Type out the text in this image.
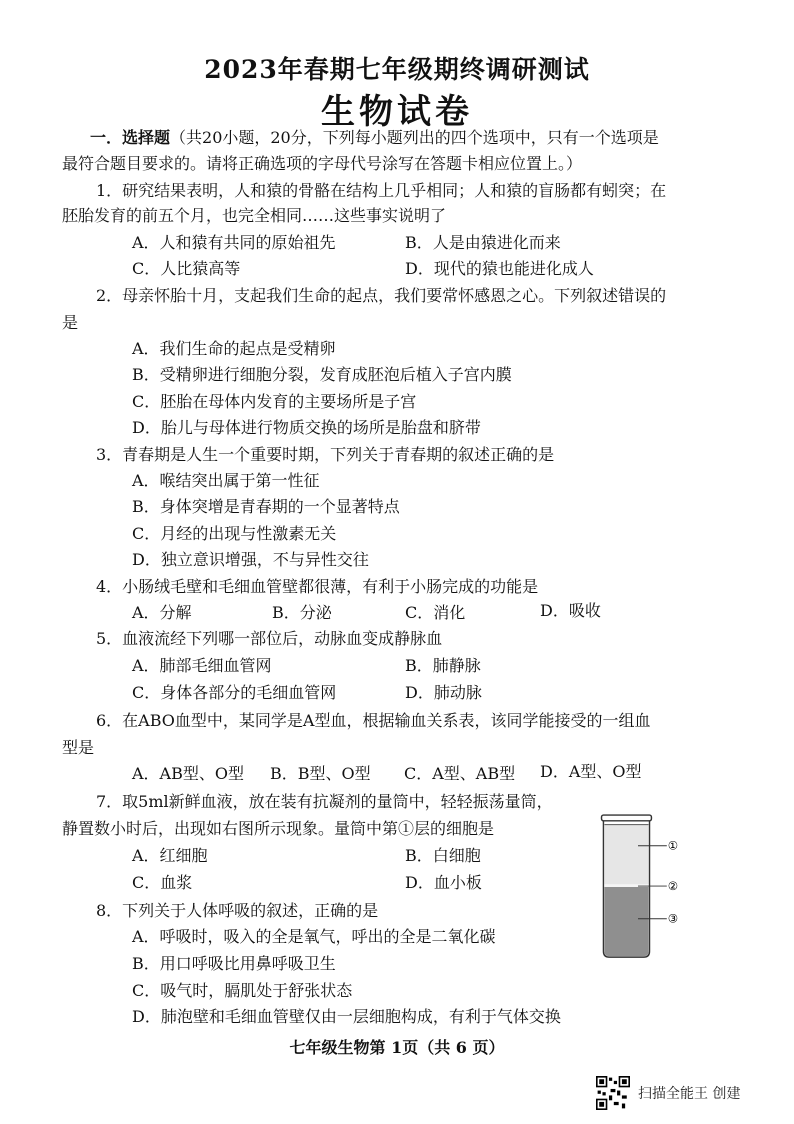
2023年春期七年级期终调研测试
生物试卷
一．选择题（共20小题，20分，下列每小题列出的四个选项中，只有一个选项是
最符合题目要求的。请将正确选项的字母代号涂写在答题卡相应位置上。）
1．研究结果表明，人和猿的骨骼在结构上几乎相同；人和猿的盲肠都有蚓突；在
胚胎发育的前五个月，也完全相同……这些事实说明了
A．人和猿有共同的原始祖先	B．人是由猿进化而来
C．人比猿高等	D．现代的猿也能进化成人
2．母亲怀胎十月，支起我们生命的起点，我们要常怀感恩之心。下列叙述错误的
是
A．我们生命的起点是受精卵
B．受精卵进行细胞分裂，发育成胚泡后植入子宫内膜
C．胚胎在母体内发育的主要场所是子宫
D．胎儿与母体进行物质交换的场所是胎盘和脐带
3．青春期是人生一个重要时期，下列关于青春期的叙述正确的是
A．喉结突出属于第一性征
B．身体突增是青春期的一个显著特点
C．月经的出现与性激素无关
D．独立意识增强，不与异性交往
4．小肠绒毛壁和毛细血管壁都很薄，有利于小肠完成的功能是
A．分解	B．分泌	C．消化	D．吸收
5．血液流经下列哪一部位后，动脉血变成静脉血
A．肺部毛细血管网	B．肺静脉
C．身体各部分的毛细血管网	D．肺动脉
6．在ABO血型中，某同学是A型血，根据输血关系表，该同学能接受的一组血
型是
A．AB型、O型 B．B型、O型 C．A型、AB型 D．A型、O型
7．取5ml新鲜血液，放在装有抗凝剂的量筒中，轻轻振荡量筒，
静置数小时后，出现如右图所示现象。量筒中第①层的细胞是
A．红细胞	B．白细胞
C．血浆	D．血小板
8．下列关于人体呼吸的叙述，正确的是
A．呼吸时，吸入的全是氧气，呼出的全是二氧化碳
B．用口呼吸比用鼻呼吸卫生
C．吸气时，膈肌处于舒张状态
D．肺泡壁和毛细血管壁仅由一层细胞构成，有利于气体交换
①
②
③
七年级生物第 1页（共 6 页）
扫描全能王 创建
